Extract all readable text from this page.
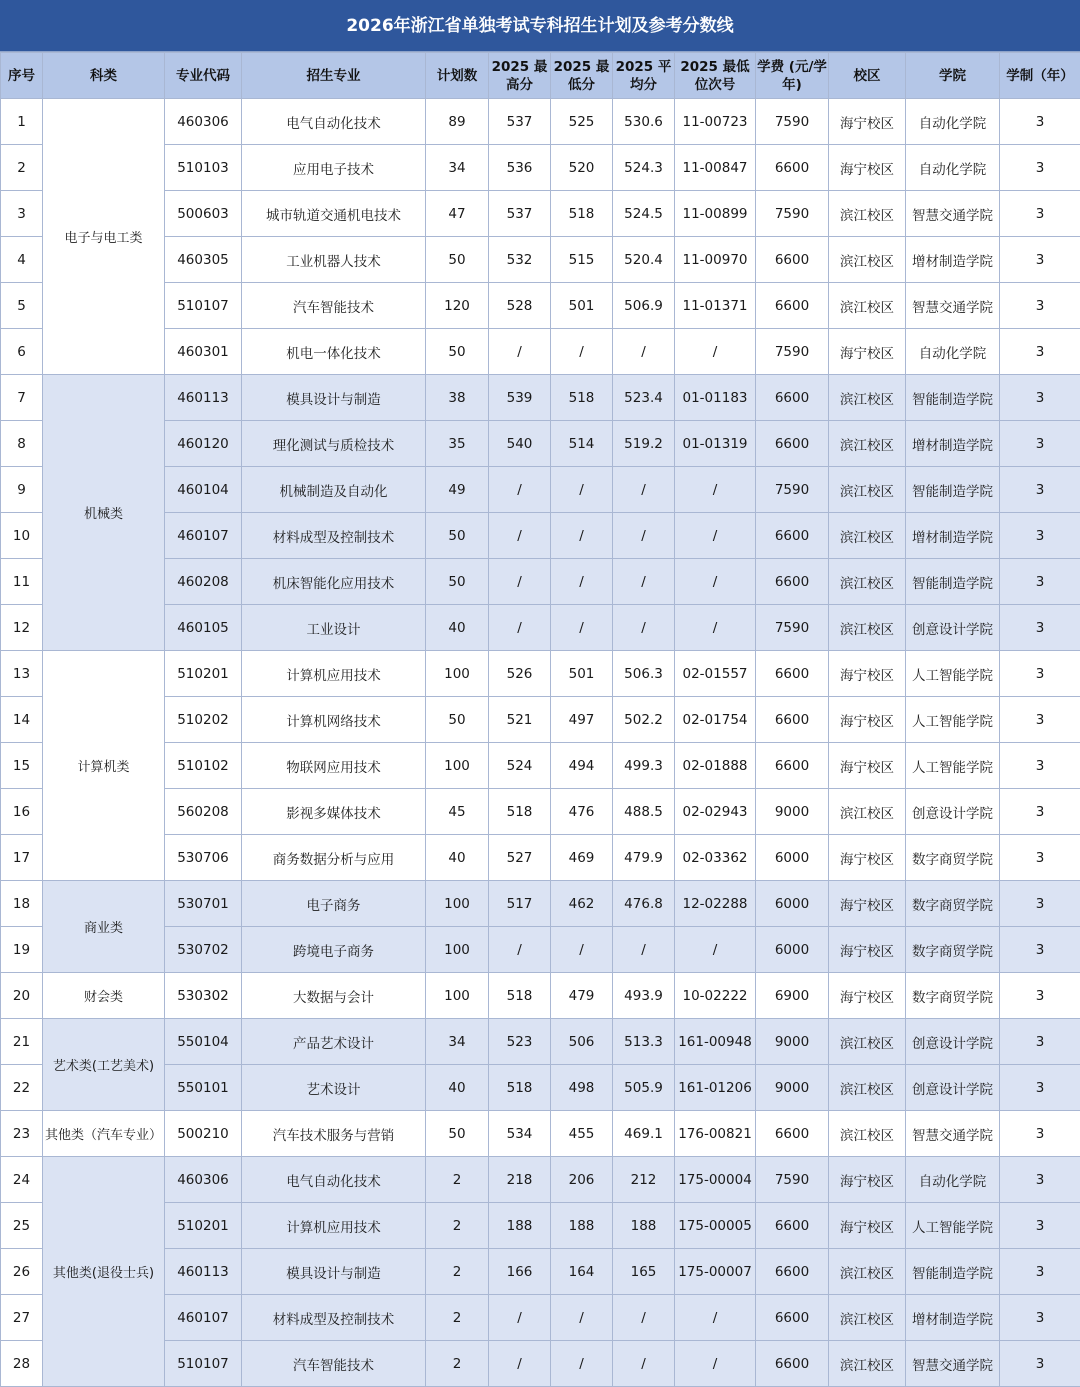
2026年浙江省单独考试专科招生计划及参考分数线
序号	科类	专业代码	招生专业	计划数	2025 最高分	2025 最低分	2025 平均分	2025 最低位次号	学费 (元/学年)	校区	学院	学制（年）
1	电子与电工类	460306	电气自动化技术	89	537	525	530.6	11-00723	7590	海宁校区	自动化学院	3
2		510103	应用电子技术	34	536	520	524.3	11-00847	6600	海宁校区	自动化学院	3
3		500603	城市轨道交通机电技术	47	537	518	524.5	11-00899	7590	滨江校区	智慧交通学院	3
4		460305	工业机器人技术	50	532	515	520.4	11-00970	6600	滨江校区	增材制造学院	3
5		510107	汽车智能技术	120	528	501	506.9	11-01371	6600	滨江校区	智慧交通学院	3
6		460301	机电一体化技术	50	/	/	/	/	7590	海宁校区	自动化学院	3
7	机械类	460113	模具设计与制造	38	539	518	523.4	01-01183	6600	滨江校区	智能制造学院	3
8		460120	理化测试与质检技术	35	540	514	519.2	01-01319	6600	滨江校区	增材制造学院	3
9		460104	机械制造及自动化	49	/	/	/	/	7590	滨江校区	智能制造学院	3
10		460107	材料成型及控制技术	50	/	/	/	/	6600	滨江校区	增材制造学院	3
11		460208	机床智能化应用技术	50	/	/	/	/	6600	滨江校区	智能制造学院	3
12		460105	工业设计	40	/	/	/	/	7590	滨江校区	创意设计学院	3
13	计算机类	510201	计算机应用技术	100	526	501	506.3	02-01557	6600	海宁校区	人工智能学院	3
14		510202	计算机网络技术	50	521	497	502.2	02-01754	6600	海宁校区	人工智能学院	3
15		510102	物联网应用技术	100	524	494	499.3	02-01888	6600	海宁校区	人工智能学院	3
16		560208	影视多媒体技术	45	518	476	488.5	02-02943	9000	滨江校区	创意设计学院	3
17		530706	商务数据分析与应用	40	527	469	479.9	02-03362	6000	海宁校区	数字商贸学院	3
18	商业类	530701	电子商务	100	517	462	476.8	12-02288	6000	海宁校区	数字商贸学院	3
19		530702	跨境电子商务	100	/	/	/	/	6000	海宁校区	数字商贸学院	3
20	财会类	530302	大数据与会计	100	518	479	493.9	10-02222	6900	海宁校区	数字商贸学院	3
21	艺术类(工艺美术)	550104	产品艺术设计	34	523	506	513.3	161-00948	9000	滨江校区	创意设计学院	3
22		550101	艺术设计	40	518	498	505.9	161-01206	9000	滨江校区	创意设计学院	3
23	其他类（汽车专业）	500210	汽车技术服务与营销	50	534	455	469.1	176-00821	6600	滨江校区	智慧交通学院	3
24	其他类(退役士兵)	460306	电气自动化技术	2	218	206	212	175-00004	7590	海宁校区	自动化学院	3
25		510201	计算机应用技术	2	188	188	188	175-00005	6600	海宁校区	人工智能学院	3
26		460113	模具设计与制造	2	166	164	165	175-00007	6600	滨江校区	智能制造学院	3
27		460107	材料成型及控制技术	2	/	/	/	/	6600	滨江校区	增材制造学院	3
28		510107	汽车智能技术	2	/	/	/	/	6600	滨江校区	智慧交通学院	3
